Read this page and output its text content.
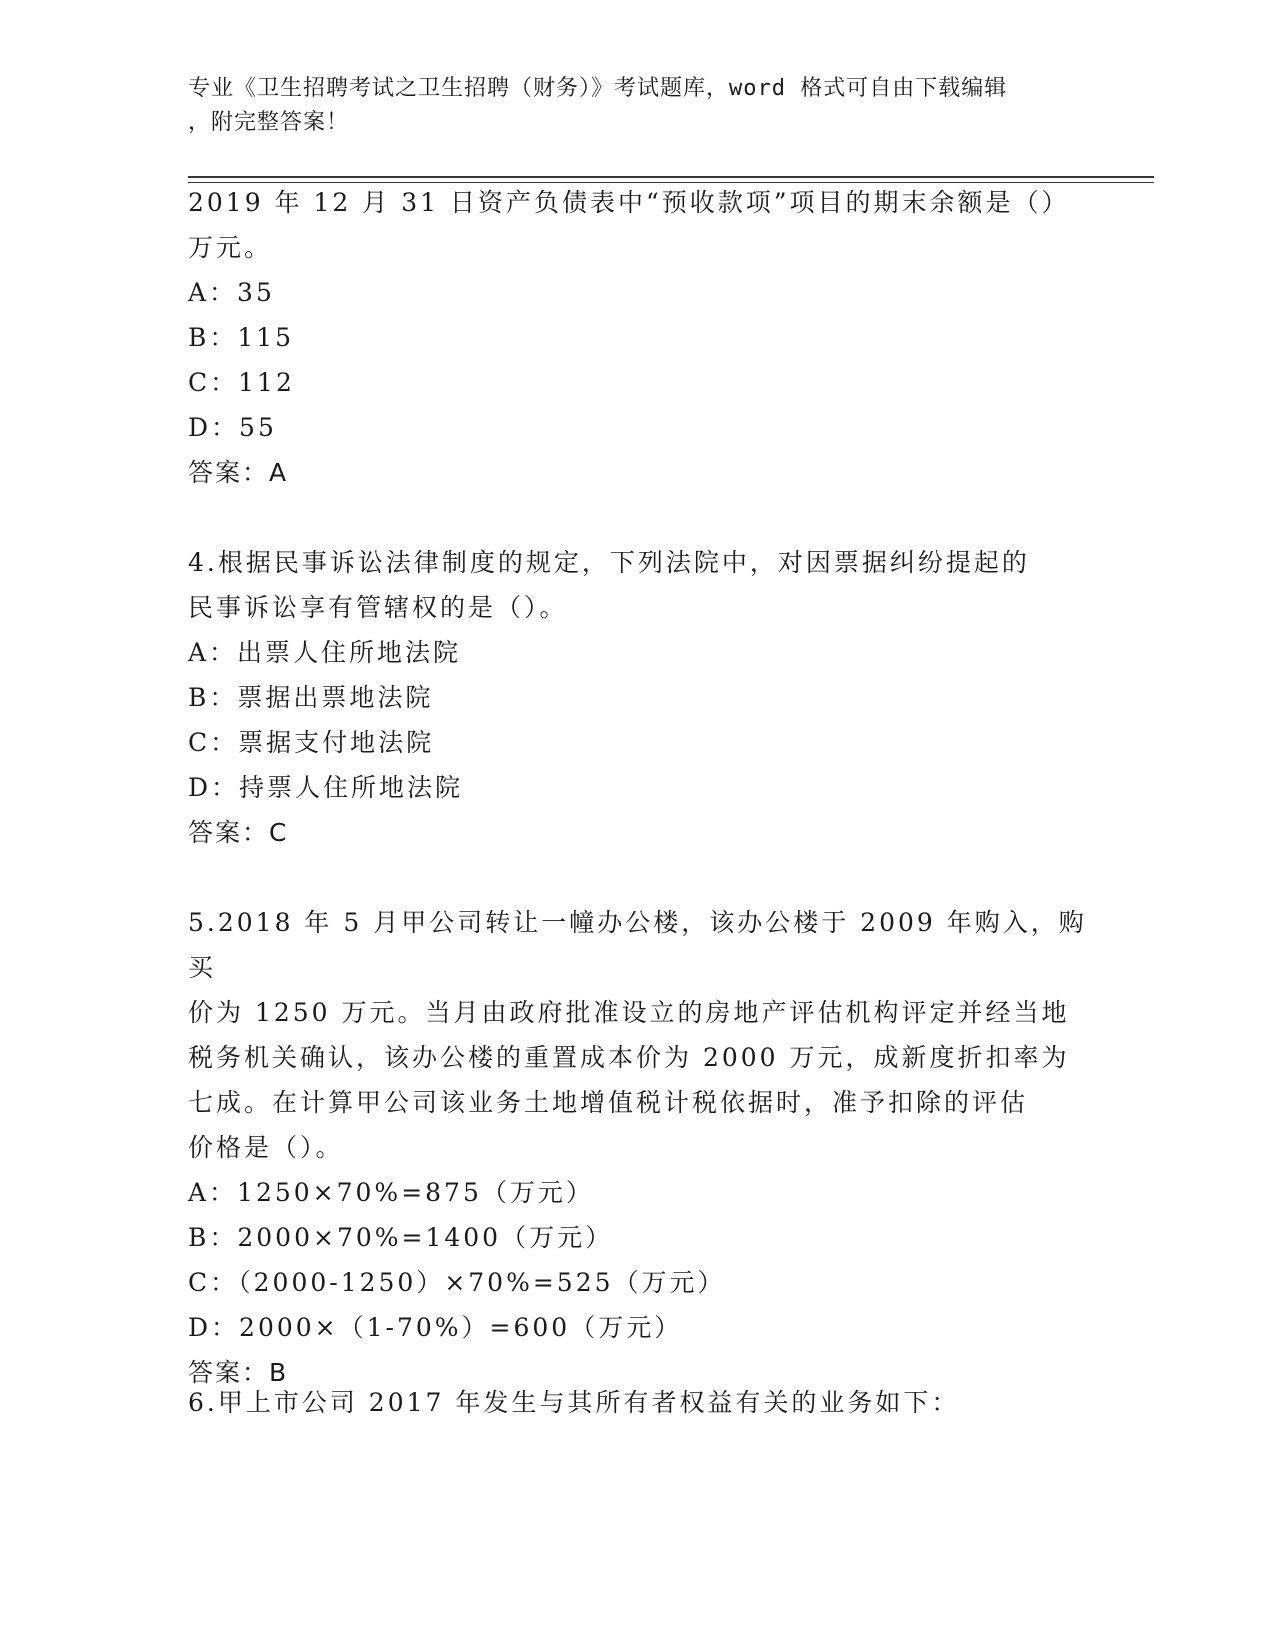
专业《卫生招聘考试之卫生招聘（财务）》考试题库，word 格式可自由下载编辑
，附完整答案！
2019 年 12 月 31 日资产负债表中“预收款项”项目的期末余额是（）
万元。
A：35
B：115
C：112
D：55
答案：A
4.根据民事诉讼法律制度的规定，下列法院中，对因票据纠纷提起的
民事诉讼享有管辖权的是（）。
A：出票人住所地法院
B：票据出票地法院
C：票据支付地法院
D：持票人住所地法院
答案：C
5.2018 年 5 月甲公司转让一幢办公楼，该办公楼于 2009 年购入，购买
价为 1250 万元。当月由政府批准设立的房地产评估机构评定并经当地
税务机关确认，该办公楼的重置成本价为 2000 万元，成新度折扣率为
七成。在计算甲公司该业务土地增值税计税依据时，准予扣除的评估
价格是（）。
A：1250×70%=875（万元）
B：2000×70%=1400（万元）
C：（2000-1250）×70%=525（万元）
D：2000×（1-70%）=600（万元）
答案：B
6.甲上市公司 2017 年发生与其所有者权益有关的业务如下：
